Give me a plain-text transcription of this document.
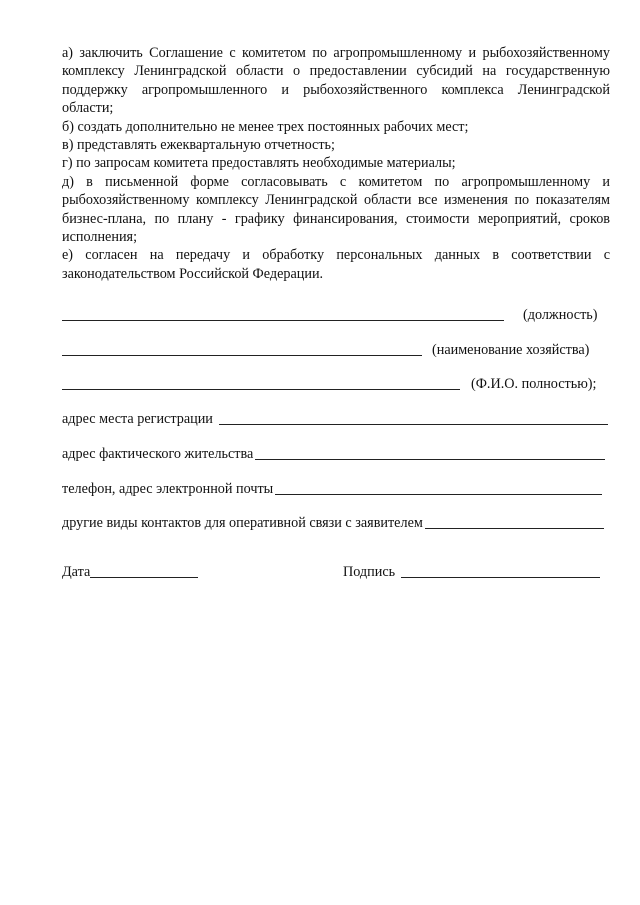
а) заключить Соглашение с комитетом по агропромышленному и рыбохозяйственному комплексу Ленинградской области о предоставлении субсидий на государственную поддержку агропромышленного и рыбохозяйственного комплекса Ленинградской области;

б) создать дополнительно не менее трех постоянных рабочих мест;

в) представлять ежеквартальную отчетность;

г) по запросам комитета предоставлять необходимые материалы;

д) в письменной форме согласовывать с комитетом по агропромышленному и рыбохозяйственному комплексу Ленинградской области все изменения по показателям бизнес-плана, по плану - графику финансирования, стоимости мероприятий, сроков исполнения;

е) согласен на передачу и обработку персональных данных в соответствии с законодательством Российской Федерации.

(должность)
(наименование хозяйства)
(Ф.И.О. полностью);
адрес места регистрации
адрес фактического жительства
телефон, адрес электронной почты
другие виды контактов для оперативной связи с заявителем
Дата	Подпись
